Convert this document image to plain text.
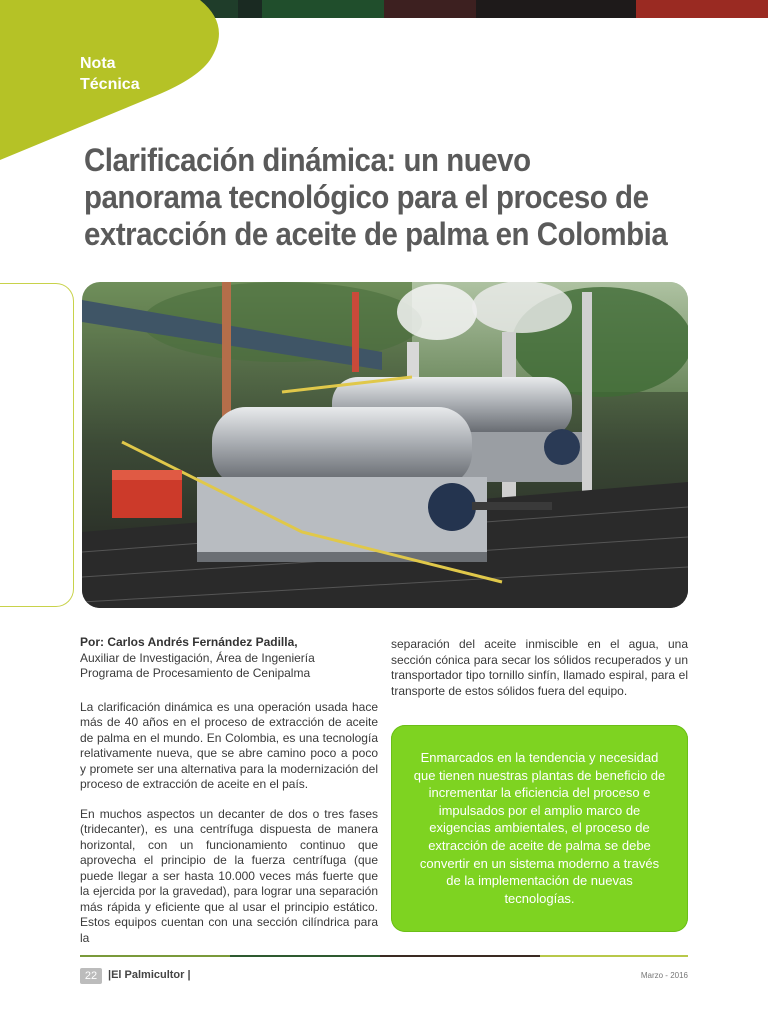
Nota
Técnica
Clarificación dinámica: un nuevo panorama tecnológico para el proceso de extracción de aceite de palma en Colombia
Por: Carlos Andrés Fernández Padilla,
Auxiliar de Investigación, Área de Ingeniería
Programa de Procesamiento de Cenipalma

La clarificación dinámica es una operación usada hace más de 40 años en el proceso de extracción de aceite de palma en el mundo. En Colombia, es una tecnología relativamente nueva, que se abre camino poco a poco y promete ser una alternativa para la modernización del proceso de extracción de aceite en el país.

En muchos aspectos un decanter de dos o tres fases (tridecanter), es una centrífuga dispuesta de manera horizontal, con un funcionamiento continuo que aprovecha el principio de la fuerza centrífuga (que puede llegar a ser hasta 10.000 veces más fuerte que la ejercida por la gravedad), para lograr una separación más rápida y eficiente que al usar el principio estático. Estos equipos cuentan con una sección cilíndrica para la

separación del aceite inmiscible en el agua, una sección cónica para secar los sólidos recuperados y un transportador tipo tornillo sinfín, llamado espiral, para el transporte de estos sólidos fuera del equipo.

Enmarcados en la tendencia y necesidad que tienen nuestras plantas de beneficio de incrementar la eficiencia del proceso e impulsados por el amplio marco de exigencias ambientales, el proceso de extracción de aceite de palma se debe convertir en un sistema moderno a través de la implementación de nuevas tecnologías.
22 |El Palmicultor |	Marzo - 2016
